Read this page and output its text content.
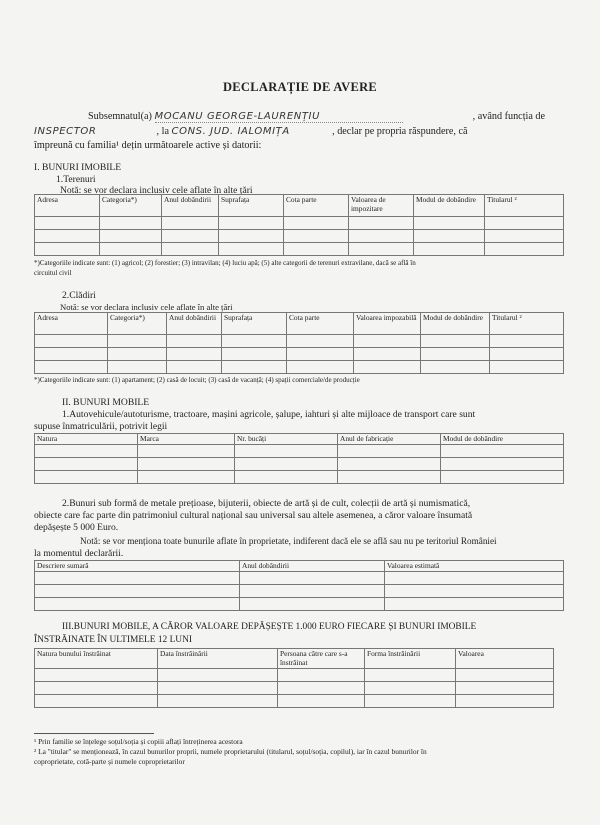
DECLARAȚIE DE AVERE
Subsemnatul(a) MOCANU GEORGE-LAURENȚIU	, având funcția de
INSPECTOR	, la CONS. JUD. IALOMIȚA	, declar pe propria răspundere, că
împreună cu familia¹ dețin următoarele active și datorii:
I. BUNURI IMOBILE
1.Terenuri
Notă: se vor declara inclusiv cele aflate în alte țări
Adresa	Categoria*)	Anul dobândirii	Suprafața	Cota parte	Valoarea de impozitare	Modul de dobândire	Titularul ²

*)Categoriile indicate sunt: (1) agricol; (2) forestier; (3) intravilan; (4) luciu apă; (5) alte categorii de terenuri extravilane, dacă se află în
circuitul civil
2.Clădiri
Notă: se vor declara inclusiv cele aflate în alte țări
Adresa	Categoria*)	Anul dobândirii	Suprafața	Cota parte	Valoarea impozabilă	Modul de dobândire	Titularul ²

*)Categoriile indicate sunt: (1) apartament; (2) casă de locuit; (3) casă de vacanță; (4) spații comerciale/de producție
II. BUNURI MOBILE
1.Autovehicule/autoturisme, tractoare, mașini agricole, șalupe, iahturi și alte mijloace de transport care sunt
supuse înmatriculării, potrivit legii
Natura	Marca	Nr. bucăți	Anul de fabricație	Modul de dobândire

2.Bunuri sub formă de metale prețioase, bijuterii, obiecte de artă și de cult, colecții de artă și numismatică,
obiecte care fac parte din patrimoniul cultural național sau universal sau altele asemenea, a căror valoare însumată
depășește 5 000 Euro.
Notă: se vor menționa toate bunurile aflate în proprietate, indiferent dacă ele se află sau nu pe teritoriul României
la momentul declarării.
Descriere sumară	Anul dobândirii	Valoarea estimată

III.BUNURI MOBILE, A CĂROR VALOARE DEPĂȘEȘTE 1.000 EURO FIECARE ȘI BUNURI IMOBILE
ÎNSTRĂINATE ÎN ULTIMELE 12 LUNI
Natura bunului înstrăinat	Data înstrăinării	Persoana către care s-a înstrăinat	Forma înstrăinării	Valoarea

¹ Prin familie se înțelege soțul/soția și copiii aflați întreținerea acestora
² La "titular" se menționează, în cazul bunurilor proprii, numele proprietarului (titularul, soțul/soția, copilul), iar în cazul bunurilor în
coproprietate, cotă-parte și numele coproprietarilor
